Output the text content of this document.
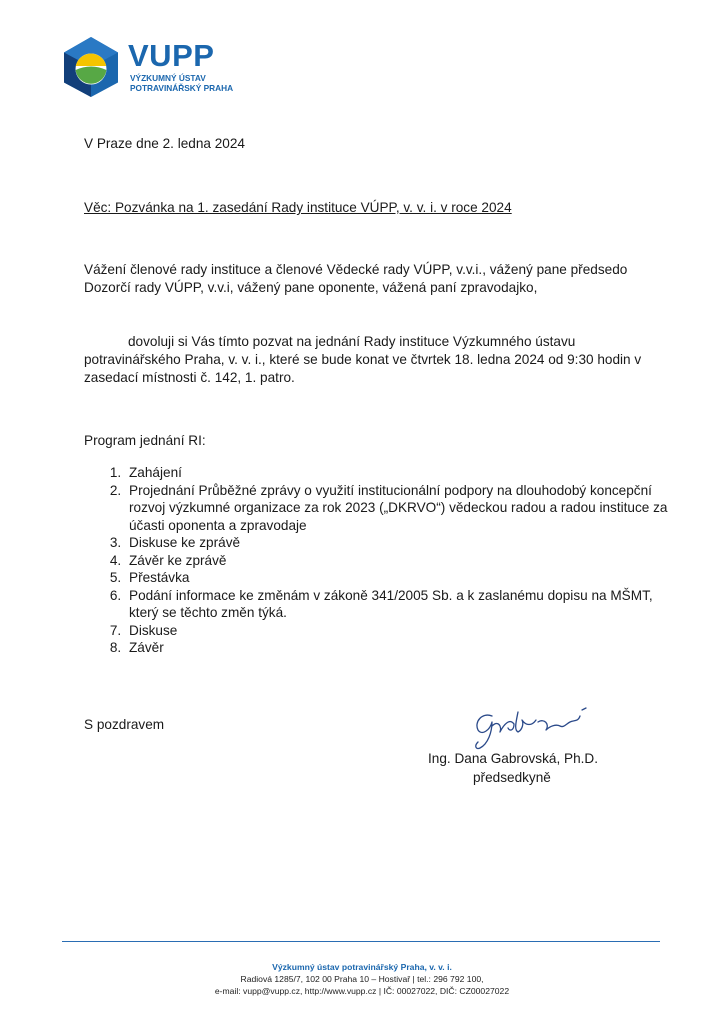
VUPP
VÝZKUMNÝ ÚSTAV
POTRAVINÁŘSKÝ PRAHA
V Praze dne 2. ledna 2024
Věc: Pozvánka na 1. zasedání Rady instituce VÚPP, v. v. i. v roce 2024
Vážení členové rady instituce a členové Vědecké rady VÚPP, v.v.i., vážený pane předsedo Dozorčí rady VÚPP, v.v.i, vážený pane oponente, vážená paní zpravodajko,
dovoluji si Vás tímto pozvat na jednání Rady instituce Výzkumného ústavu potravinářského Praha, v. v. i., které se bude konat ve čtvrtek 18. ledna 2024 od 9:30 hodin v zasedací místnosti č. 142, 1. patro.
Program jednání RI:
1. Zahájení
2. Projednání Průběžné zprávy o využití institucionální podpory na dlouhodobý koncepční rozvoj výzkumné organizace za rok 2023 („DKRVO“) vědeckou radou a radou instituce za účasti oponenta a zpravodaje
3. Diskuse ke zprávě
4. Závěr ke zprávě
5. Přestávka
6. Podání informace ke změnám v zákoně 341/2005 Sb. a k zaslanému dopisu na MŠMT, který se těchto změn týká.
7. Diskuse
8. Závěr
S pozdravem
Ing. Dana Gabrovská, Ph.D.
předsedkyně
Výzkumný ústav potravinářský Praha, v. v. i.
Radiová 1285/7, 102 00 Praha 10 – Hostivař | tel.: 296 792 100,
e-mail: vupp@vupp.cz, http://www.vupp.cz | IČ: 00027022, DIČ: CZ00027022
